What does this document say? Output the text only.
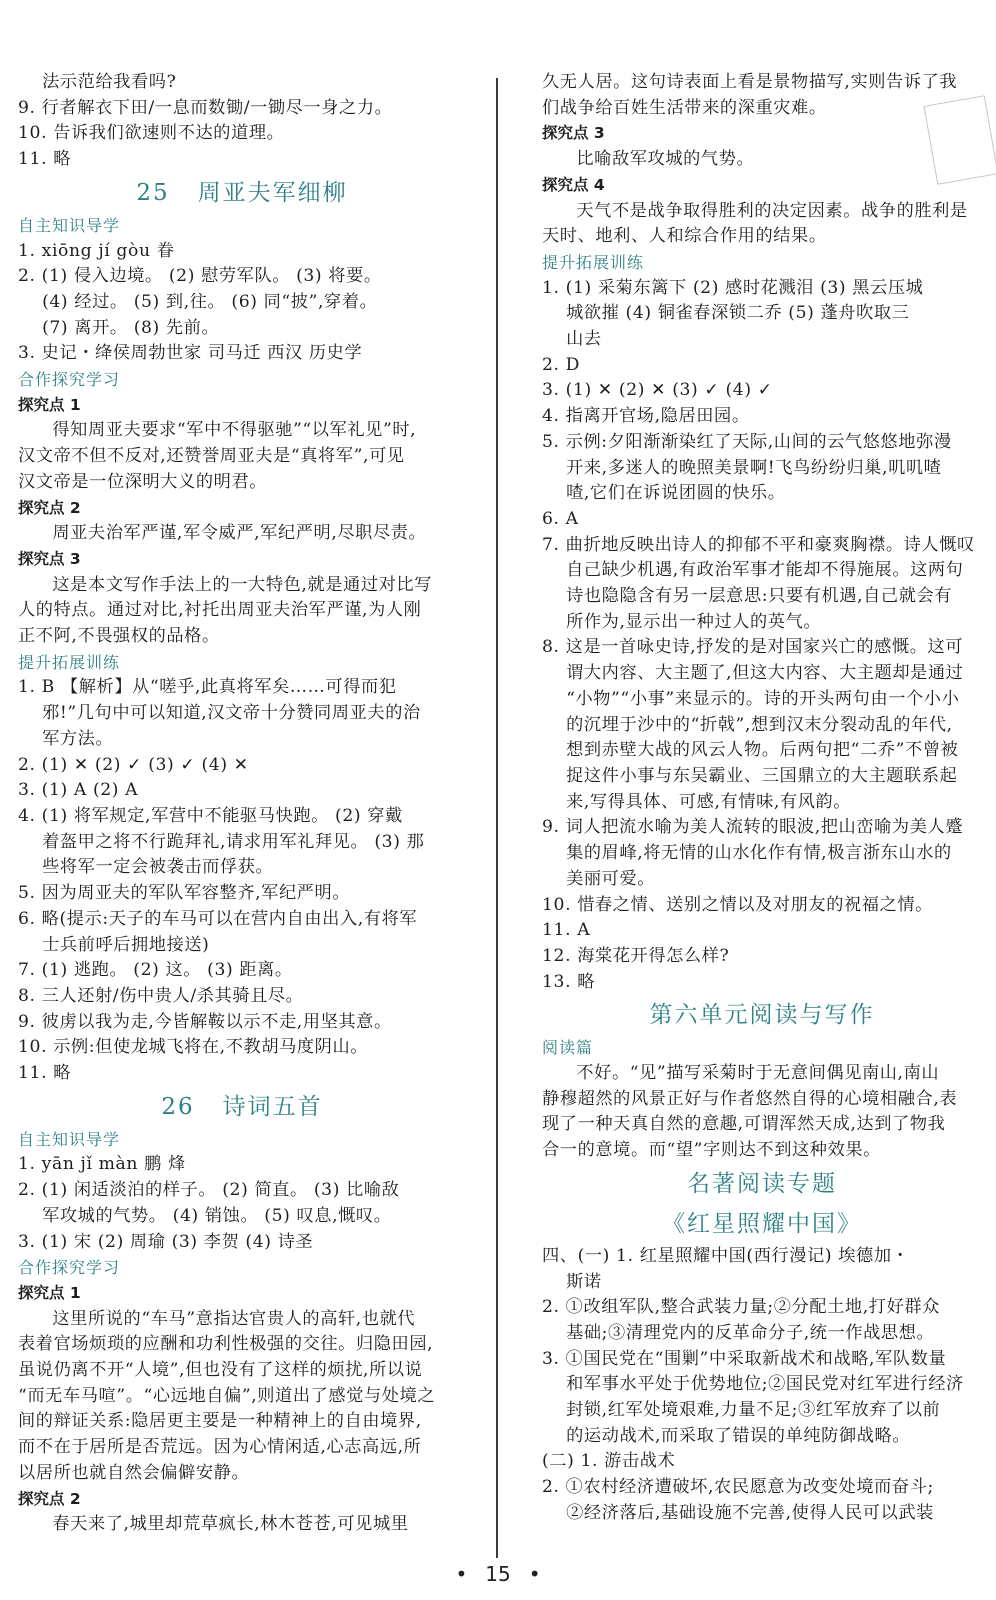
法示范给我看吗?
9. 行者解衣下田/一息而数锄/一锄尽一身之力。
10. 告诉我们欲速则不达的道理。
11. 略
25 周亚夫军细柳
自主知识导学
1. xiōng jí gòu 眷
2. (1) 侵入边境。 (2) 慰劳军队。 (3) 将要。
(4) 经过。 (5) 到,往。 (6) 同“披”,穿着。
(7) 离开。 (8) 先前。
3. 史记・绛侯周勃世家 司马迁 西汉 历史学
合作探究学习
探究点 1
得知周亚夫要求“军中不得驱驰”“以军礼见”时,
汉文帝不但不反对,还赞誉周亚夫是“真将军”,可见
汉文帝是一位深明大义的明君。
探究点 2
周亚夫治军严谨,军令威严,军纪严明,尽职尽责。
探究点 3
这是本文写作手法上的一大特色,就是通过对比写
人的特点。通过对比,衬托出周亚夫治军严谨,为人刚
正不阿,不畏强权的品格。
提升拓展训练
1. B 【解析】从“嗟乎,此真将军矣……可得而犯
邪!”几句中可以知道,汉文帝十分赞同周亚夫的治
军方法。
2. (1) ✕ (2) ✓ (3) ✓ (4) ✕
3. (1) A (2) A
4. (1) 将军规定,军营中不能驱马快跑。 (2) 穿戴
着盔甲之将不行跪拜礼,请求用军礼拜见。 (3) 那
些将军一定会被袭击而俘获。
5. 因为周亚夫的军队军容整齐,军纪严明。
6. 略(提示:天子的车马可以在营内自由出入,有将军
士兵前呼后拥地接送)
7. (1) 逃跑。 (2) 这。 (3) 距离。
8. 三人还射/伤中贵人/杀其骑且尽。
9. 彼虏以我为走,今皆解鞍以示不走,用坚其意。
10. 示例:但使龙城飞将在,不教胡马度阴山。
11. 略
26 诗词五首
自主知识导学
1. yān jǐ màn 鹏 烽
2. (1) 闲适淡泊的样子。 (2) 简直。 (3) 比喻敌
军攻城的气势。 (4) 销蚀。 (5) 叹息,慨叹。
3. (1) 宋 (2) 周瑜 (3) 李贺 (4) 诗圣
合作探究学习
探究点 1
这里所说的“车马”意指达官贵人的高轩,也就代
表着官场烦琐的应酬和功利性极强的交往。归隐田园,
虽说仍离不开“人境”,但也没有了这样的烦扰,所以说
“而无车马喧”。“心远地自偏”,则道出了感觉与处境之
间的辩证关系:隐居更主要是一种精神上的自由境界,
而不在于居所是否荒远。因为心情闲适,心志高远,所
以居所也就自然会偏僻安静。
探究点 2
春天来了,城里却荒草疯长,林木苍苍,可见城里
久无人居。这句诗表面上看是景物描写,实则告诉了我
们战争给百姓生活带来的深重灾难。
探究点 3
比喻敌军攻城的气势。
探究点 4
天气不是战争取得胜利的决定因素。战争的胜利是
天时、地利、人和综合作用的结果。
提升拓展训练
1. (1) 采菊东篱下 (2) 感时花溅泪 (3) 黑云压城
城欲摧 (4) 铜雀春深锁二乔 (5) 蓬舟吹取三
山去
2. D
3. (1) ✕ (2) ✕ (3) ✓ (4) ✓
4. 指离开官场,隐居田园。
5. 示例:夕阳渐渐染红了天际,山间的云气悠悠地弥漫
开来,多迷人的晚照美景啊!飞鸟纷纷归巢,叽叽喳
喳,它们在诉说团圆的快乐。
6. A
7. 曲折地反映出诗人的抑郁不平和豪爽胸襟。诗人慨叹
自己缺少机遇,有政治军事才能却不得施展。这两句
诗也隐隐含有另一层意思:只要有机遇,自己就会有
所作为,显示出一种过人的英气。
8. 这是一首咏史诗,抒发的是对国家兴亡的感慨。这可
谓大内容、大主题了,但这大内容、大主题却是通过
“小物”“小事”来显示的。诗的开头两句由一个小小
的沉埋于沙中的“折戟”,想到汉末分裂动乱的年代,
想到赤壁大战的风云人物。后两句把“二乔”不曾被
捉这件小事与东吴霸业、三国鼎立的大主题联系起
来,写得具体、可感,有情味,有风韵。
9. 词人把流水喻为美人流转的眼波,把山峦喻为美人蹙
集的眉峰,将无情的山水化作有情,极言浙东山水的
美丽可爱。
10. 惜春之情、送别之情以及对朋友的祝福之情。
11. A
12. 海棠花开得怎么样?
13. 略
第六单元阅读与写作
阅读篇
不好。“见”描写采菊时于无意间偶见南山,南山
静穆超然的风景正好与作者悠然自得的心境相融合,表
现了一种天真自然的意趣,可谓浑然天成,达到了物我
合一的意境。而“望”字则达不到这种效果。
名著阅读专题
《红星照耀中国》
四、(一) 1. 红星照耀中国(西行漫记) 埃德加・
斯诺
2. ①改组军队,整合武装力量;②分配土地,打好群众
基础;③清理党内的反革命分子,统一作战思想。
3. ①国民党在“围剿”中采取新战术和战略,军队数量
和军事水平处于优势地位;②国民党对红军进行经济
封锁,红军处境艰难,力量不足;③红军放弃了以前
的运动战术,而采取了错误的单纯防御战略。
(二) 1. 游击战术
2. ①农村经济遭破坏,农民愿意为改变处境而奋斗;
②经济落后,基础设施不完善,使得人民可以武装
• 15 •
